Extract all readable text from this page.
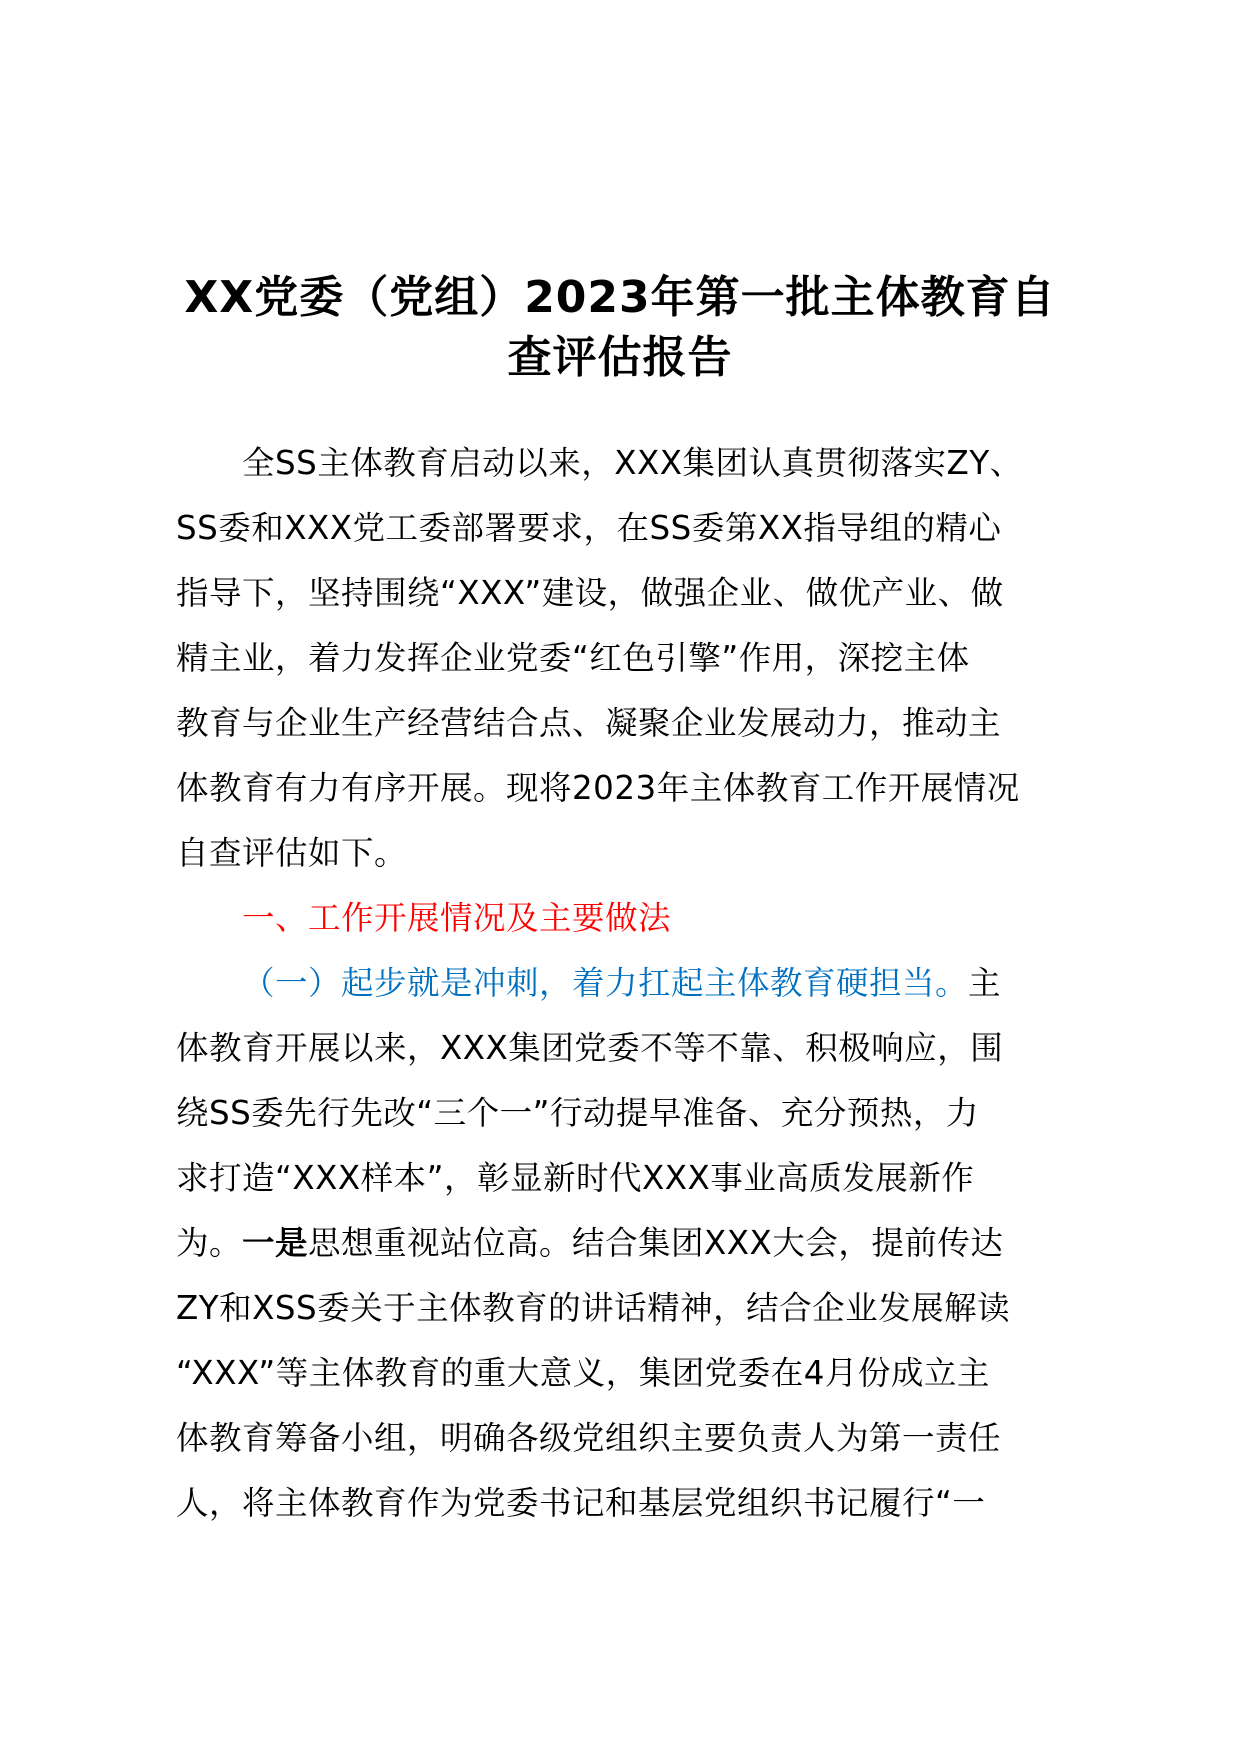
XX党委（党组）2023年第一批主体教育自
查评估报告
全SS主体教育启动以来，XXX集团认真贯彻落实ZY、
SS委和XXX党工委部署要求，在SS委第XX指导组的精心
指导下，坚持围绕“XXX”建设，做强企业、做优产业、做
精主业，着力发挥企业党委“红色引擎”作用，深挖主体
教育与企业生产经营结合点、凝聚企业发展动力，推动主
体教育有力有序开展。现将2023年主体教育工作开展情况
自查评估如下。
一、工作开展情况及主要做法
（一）起步就是冲刺，着力扛起主体教育硬担当。主
体教育开展以来，XXX集团党委不等不靠、积极响应，围
绕SS委先行先改“三个一”行动提早准备、充分预热，力
求打造“XXX样本”，彰显新时代XXX事业高质发展新作
为。一是思想重视站位高。结合集团XXX大会，提前传达
ZY和XSS委关于主体教育的讲话精神，结合企业发展解读
“XXX”等主体教育的重大意义，集团党委在4月份成立主
体教育筹备小组，明确各级党组织主要负责人为第一责任
人，将主体教育作为党委书记和基层党组织书记履行“一
